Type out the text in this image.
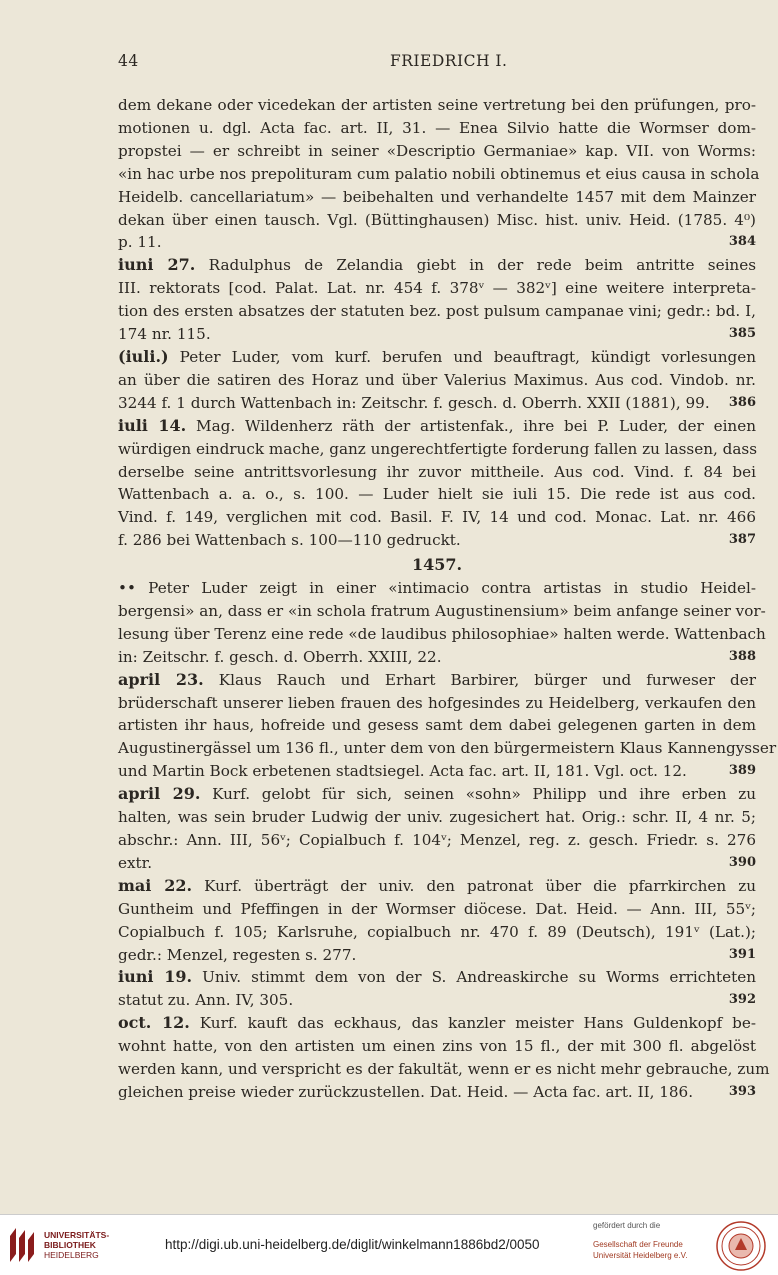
44	FRIEDRICH I.
dem dekane oder vicedekan der artisten seine vertretung bei den prüfungen, pro-
motionen u. dgl. Acta fac. art. II, 31. — Enea Silvio hatte die Wormser dom-
propstei — er schreibt in seiner «Descriptio Germaniae» kap. VII. von Worms:
«in hac urbe nos prepolituram cum palatio nobili obtinemus et eius causa in schola
Heidelb. cancellariatum» — beibehalten und verhandelte 1457 mit dem Mainzer
dekan über einen tausch. Vgl. (Büttinghausen) Misc. hist. univ. Heid. (1785. 4⁰)
384
p. 11.
iuni 27. Radulphus de Zelandia giebt in der rede beim antritte seines
III. rektorats [cod. Palat. Lat. nr. 454 f. 378ᵛ — 382ᵛ] eine weitere interpreta-
tion des ersten absatzes der statuten bez. post pulsum campanae vini; gedr.: bd. I,
385
174 nr. 115.
(iuli.) Peter Luder, vom kurf. berufen und beauftragt, kündigt vorlesungen
an über die satiren des Horaz und über Valerius Maximus. Aus cod. Vindob. nr.
386
3244 f. 1 durch Wattenbach in: Zeitschr. f. gesch. d. Oberrh. XXII (1881), 99.
iuli 14. Mag. Wildenherz räth der artistenfak., ihre bei P. Luder, der einen
würdigen eindruck mache, ganz ungerechtfertigte forderung fallen zu lassen, dass
derselbe seine antrittsvorlesung ihr zuvor mittheile. Aus cod. Vind. f. 84 bei
Wattenbach a. a. o., s. 100. — Luder hielt sie iuli 15. Die rede ist aus cod.
Vind. f. 149, verglichen mit cod. Basil. F. IV, 14 und cod. Monac. Lat. nr. 466
387
f. 286 bei Wattenbach s. 100—110 gedruckt.
1457.
•• Peter Luder zeigt in einer «intimacio contra artistas in studio Heidel-
bergensi» an, dass er «in schola fratrum Augustinensium» beim anfange seiner vor-
lesung über Terenz eine rede «de laudibus philosophiae» halten werde. Wattenbach
388
in: Zeitschr. f. gesch. d. Oberrh. XXIII, 22.
april 23. Klaus Rauch und Erhart Barbirer, bürger und furweser der
brüderschaft unserer lieben frauen des hofgesindes zu Heidelberg, verkaufen den
artisten ihr haus, hofreide und gesess samt dem dabei gelegenen garten in dem
Augustinergässel um 136 fl., unter dem von den bürgermeistern Klaus Kannengysser
389
und Martin Bock erbetenen stadtsiegel. Acta fac. art. II, 181. Vgl. oct. 12.
april 29. Kurf. gelobt für sich, seinen «sohn» Philipp und ihre erben zu
halten, was sein bruder Ludwig der univ. zugesichert hat. Orig.: schr. II, 4 nr. 5;
abschr.: Ann. III, 56ᵛ; Copialbuch f. 104ᵛ; Menzel, reg. z. gesch. Friedr. s. 276
390
extr.
mai 22. Kurf. überträgt der univ. den patronat über die pfarrkirchen zu
Guntheim und Pfeffingen in der Wormser diöcese. Dat. Heid. — Ann. III, 55ᵛ;
Copialbuch f. 105; Karlsruhe, copialbuch nr. 470 f. 89 (Deutsch), 191ᵛ (Lat.);
391
gedr.: Menzel, regesten s. 277.
iuni 19. Univ. stimmt dem von der S. Andreaskirche su Worms errichteten
392
statut zu. Ann. IV, 305.
oct. 12. Kurf. kauft das eckhaus, das kanzler meister Hans Guldenkopf be-
wohnt hatte, von den artisten um einen zins von 15 fl., der mit 300 fl. abgelöst
werden kann, und verspricht es der fakultät, wenn er es nicht mehr gebrauche, zum
393
gleichen preise wieder zurückzustellen. Dat. Heid. — Acta fac. art. II, 186.
UNIVERSITÄTS-
BIBLIOTHEK
HEIDELBERG
http://digi.ub.uni-heidelberg.de/diglit/winkelmann1886bd2/0050
gefördert durch die
Gesellschaft der Freunde
Universität Heidelberg e.V.
